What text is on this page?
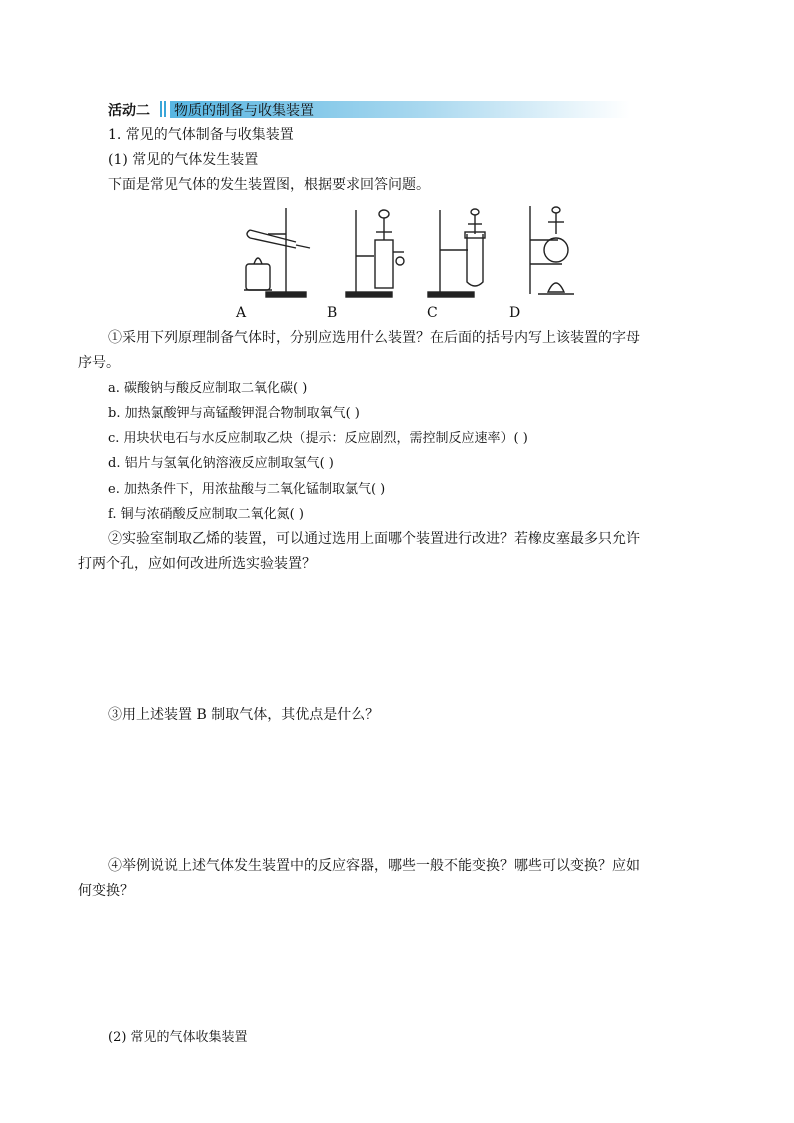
活动二 物质的制备与收集装置
1. 常见的气体制备与收集装置
(1) 常见的气体发生装置
下面是常见气体的发生装置图，根据要求回答问题。
A	B	C	D
①采用下列原理制备气体时，分别应选用什么装置？在后面的括号内写上该装置的字母
序号。
a. 碳酸钠与酸反应制取二氧化碳( )
b. 加热氯酸钾与高锰酸钾混合物制取氧气( )
c. 用块状电石与水反应制取乙炔（提示：反应剧烈，需控制反应速率）( )
d. 铝片与氢氧化钠溶液反应制取氢气( )
e. 加热条件下，用浓盐酸与二氧化锰制取氯气( )
f. 铜与浓硝酸反应制取二氧化氮( )
②实验室制取乙烯的装置，可以通过选用上面哪个装置进行改进？若橡皮塞最多只允许
打两个孔，应如何改进所选实验装置？
③用上述装置 B 制取气体，其优点是什么？
④举例说说上述气体发生装置中的反应容器，哪些一般不能变换？哪些可以变换？应如
何变换？
(2) 常见的气体收集装置
